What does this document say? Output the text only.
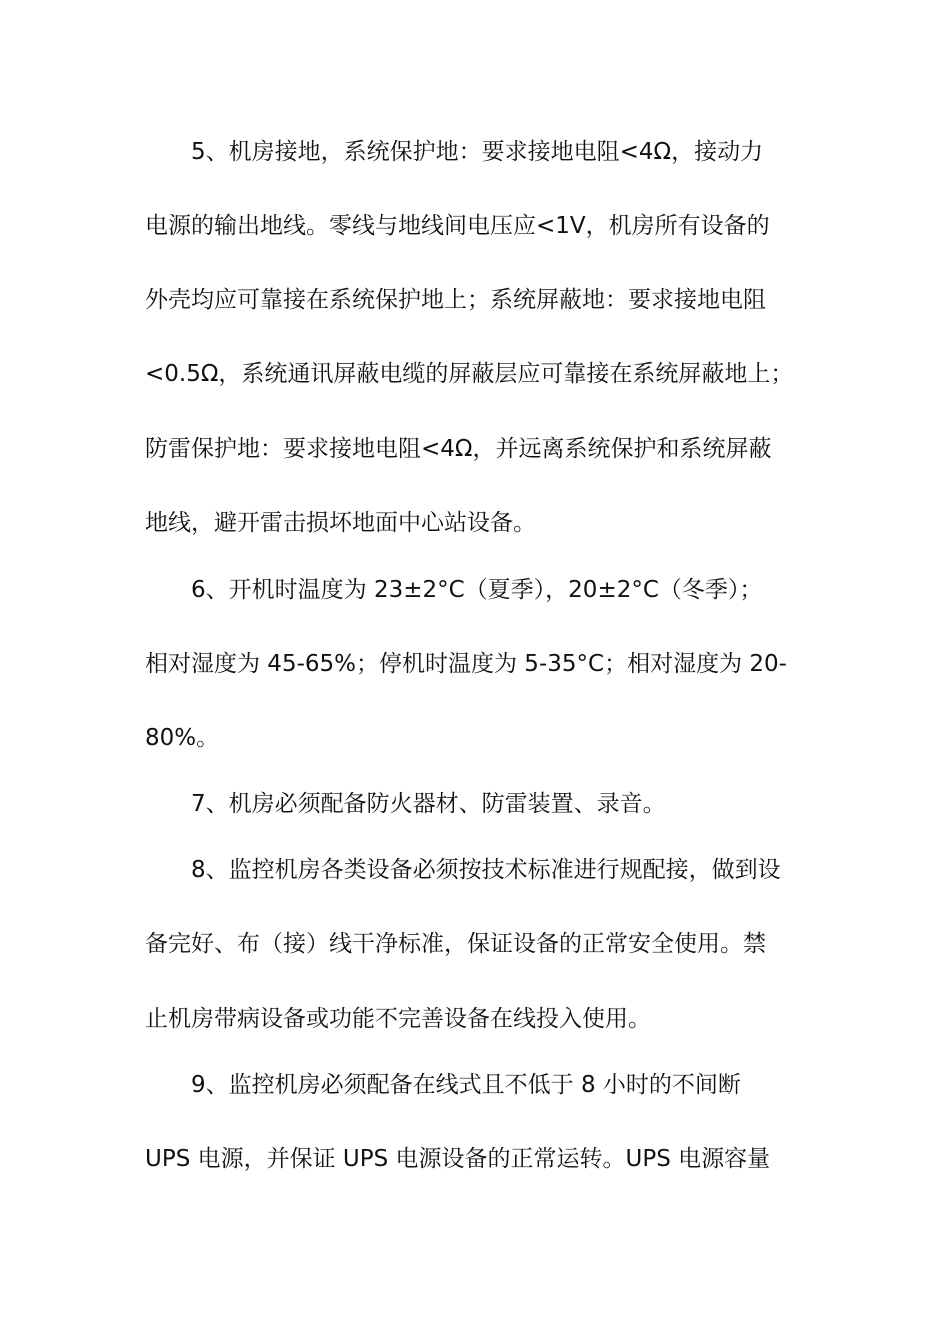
5、机房接地，系统保护地：要求接地电阻<4Ω，接动力
电源的输出地线。零线与地线间电压应<1V，机房所有设备的
外壳均应可靠接在系统保护地上；系统屏蔽地：要求接地电阻
<0.5Ω，系统通讯屏蔽电缆的屏蔽层应可靠接在系统屏蔽地上；
防雷保护地：要求接地电阻<4Ω，并远离系统保护和系统屏蔽
地线，避开雷击损坏地面中心站设备。
6、开机时温度为 23±2°C（夏季），20±2°C（冬季）；
相对湿度为 45-65%；停机时温度为 5-35°C；相对湿度为 20-
80%。
7、机房必须配备防火器材、防雷装置、录音。
8、监控机房各类设备必须按技术标准进行规配接，做到设
备完好、布（接）线干净标准，保证设备的正常安全使用。禁
止机房带病设备或功能不完善设备在线投入使用。
9、监控机房必须配备在线式且不低于 8 小时的不间断
UPS 电源，并保证 UPS 电源设备的正常运转。UPS 电源容量
